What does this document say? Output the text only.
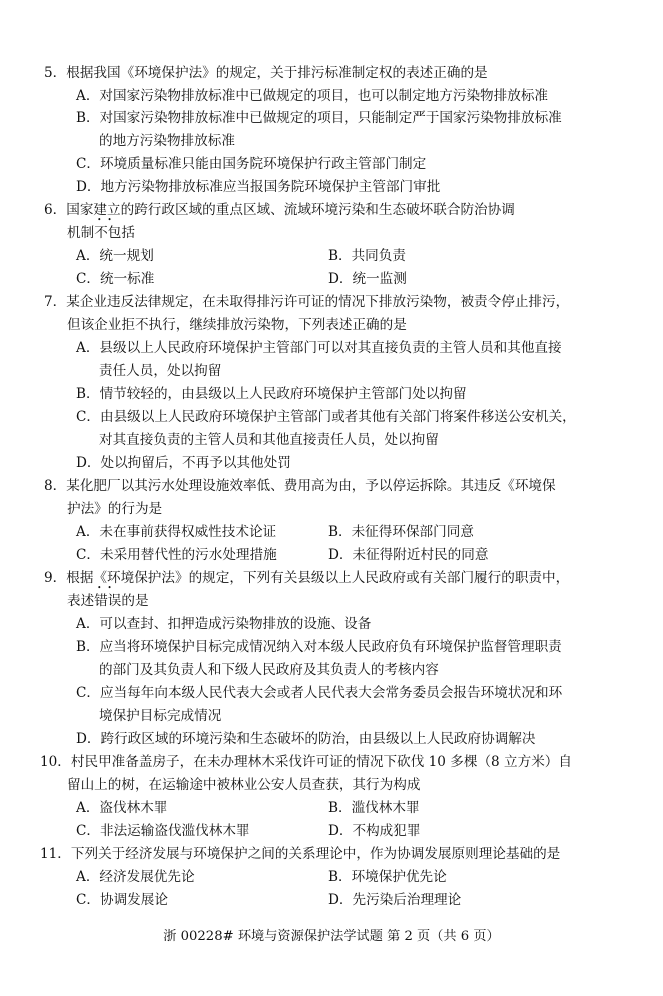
5．根据我国《环境保护法》的规定，关于排污标准制定权的表述正确的是
A．对国家污染物排放标准中已做规定的项目，也可以制定地方污染物排放标准
B．对国家污染物排放标准中已做规定的项目，只能制定严于国家污染物排放标准
的地方污染物排放标准
C．环境质量标准只能由国务院环境保护行政主管部门制定
D．地方污染物排放标准应当报国务院环境保护主管部门审批
6．国家建立的跨行政区域的重点区域、流域环境污染和生态破坏联合防治协调
机制• • 不包括
A．统一规划	B．共同负责
C．统一标准	D．统一监测
7．某企业违反法律规定，在未取得排污许可证的情况下排放污染物，被责令停止排污，
但该企业拒不执行，继续排放污染物，下列表述正确的是
A．县级以上人民政府环境保护主管部门可以对其直接负责的主管人员和其他直接
责任人员，处以拘留
B．情节较轻的，由县级以上人民政府环境保护主管部门处以拘留
C．由县级以上人民政府环境保护主管部门或者其他有关部门将案件移送公安机关，
对其直接负责的主管人员和其他直接责任人员，处以拘留
D．处以拘留后，不再予以其他处罚
8．某化肥厂以其污水处理设施效率低、费用高为由，予以停运拆除。其违反《环境保
护法》的行为是
A．未在事前获得权威性技术论证	B．未征得环保部门同意
C．未采用替代性的污水处理措施	D．未征得附近村民的同意
9．根据《环境保护法》的规定，下列有关县级以上人民政府或有关部门履行的职责中，
表述• • 错误的是
A．可以查封、扣押造成污染物排放的设施、设备
B．应当将环境保护目标完成情况纳入对本级人民政府负有环境保护监督管理职责
的部门及其负责人和下级人民政府及其负责人的考核内容
C．应当每年向本级人民代表大会或者人民代表大会常务委员会报告环境状况和环
境保护目标完成情况
D．跨行政区域的环境污染和生态破坏的防治，由县级以上人民政府协调解决
10．村民甲准备盖房子，在未办理林木采伐许可证的情况下砍伐 10 多棵（8 立方米）自
留山上的树，在运输途中被林业公安人员查获，其行为构成
A．盗伐林木罪	B．滥伐林木罪
C．非法运输盗伐滥伐林木罪	D．不构成犯罪
11．下列关于经济发展与环境保护之间的关系理论中，作为协调发展原则理论基础的是
A．经济发展优先论	B．环境保护优先论
C．协调发展论	D．先污染后治理理论
浙 00228# 环境与资源保护法学试题 第 2 页（共 6 页）
